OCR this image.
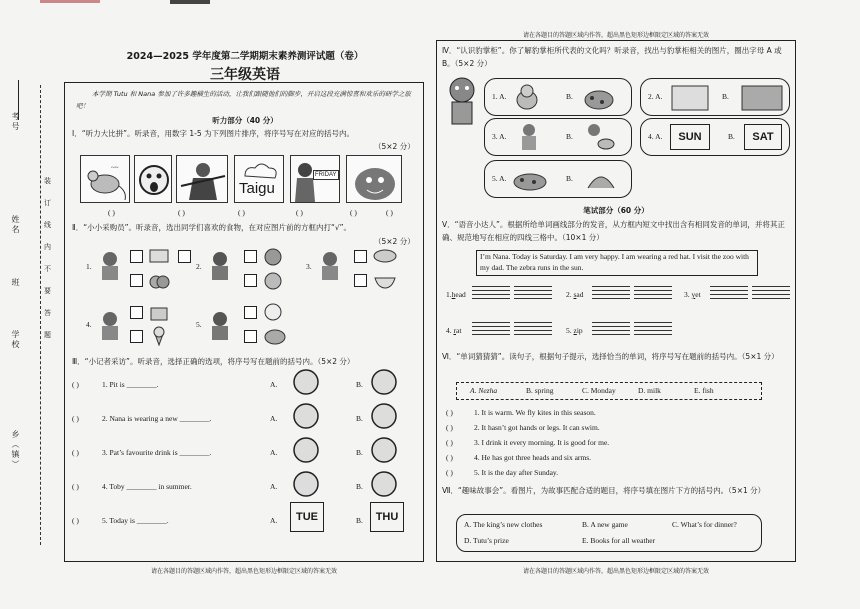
考号
姓名
班
学校
乡（镇）
装
订
线
内
不
要
答
题
2024—2025 学年度第二学期期末素养测评试题（卷）
三年级英语
本学期 Tutu 和 Nana 参加了许多趣横生的活动，让我们跟随他们的脚步，开启这段充满惊喜和欢乐的研学之旅吧！
听力部分（40 分）
Ⅰ．“听力大比拼”。听录音，用数字 1-5 为下列图片排序，将序号写在对应的括号内。
（5×2 分）
~~
Taigu
FRIDAY
( )	( )	( )	( )	( )	( )
Ⅱ．“小小采购员”。听录音，选出同学们喜欢的食物，在对应图片前的方框内打“√”。
（5×2 分）
1.	2.	3.
4.	5.
Ⅲ．“小记者采访”。听录音，选择正确的选项，将序号写在题前的括号内。（5×2 分）
( )	1. Pit is ________.	A.	B.
( )	2. Nana is wearing a new ________.	A.	B.
( )	3. Pat’s favourite drink is ________.	A.	B.
( )	4. Toby ________ in summer.	A.	B.
( )	5. Today is ________.	A.	B.
TUE	THU
请在各题目的答题区域内作答，超出黑色矩形边框限定区域的答案无效
Ⅳ．“认识豹掌柜”。你了解豹掌柜所代表的文化吗？听录音，找出与豹掌柜相关的图片，圈出字母 A 或 B。（5×2 分）
1. A.	B.	2. A.	B.
3. A.	B.	4. A.	SUN	B.	SAT
5. A.	B.
笔试部分（60 分）
Ⅴ．“语音小达人”。根据所给单词画线部分的发音，从方框内短文中找出含有相同发音的单词，并将其正确、规范地写在相应的四线三格中。（10×1 分）
I’m Nana. Today is Saturday. I am very happy. I am wearing a red hat. I visit the zoo with my dad. The zebra runs in the sun.
1.head	2. sad	3. yet
4. rat	5. zip
Ⅵ．“单词猜猜猜”。读句子，根据句子提示，选择恰当的单词，将序号写在题前的括号内。（5×1 分）
A. Nezha	B. spring	C. Monday	D. milk	E. fish
( )	1. It is warm. We fly kites in this season.
( )	2. It hasn’t got hands or legs. It can swim.
( )	3. I drink it every morning. It is good for me.
( )	4. He has got three heads and six arms.
( )	5. It is the day after Sunday.
Ⅶ．“趣味故事会”。看图片，为故事匹配合适的题目，将序号填在图片下方的括号内。（5×1 分）
A. The king’s new clothes	B. A new game	C. What’s for dinner?
D. Tutu’s prize	E. Books for all weather
请在各题目的答题区域内作答，超出黑色矩形边框限定区域的答案无效	请在各题目的答题区域内作答，超出黑色矩形边框限定区域的答案无效
